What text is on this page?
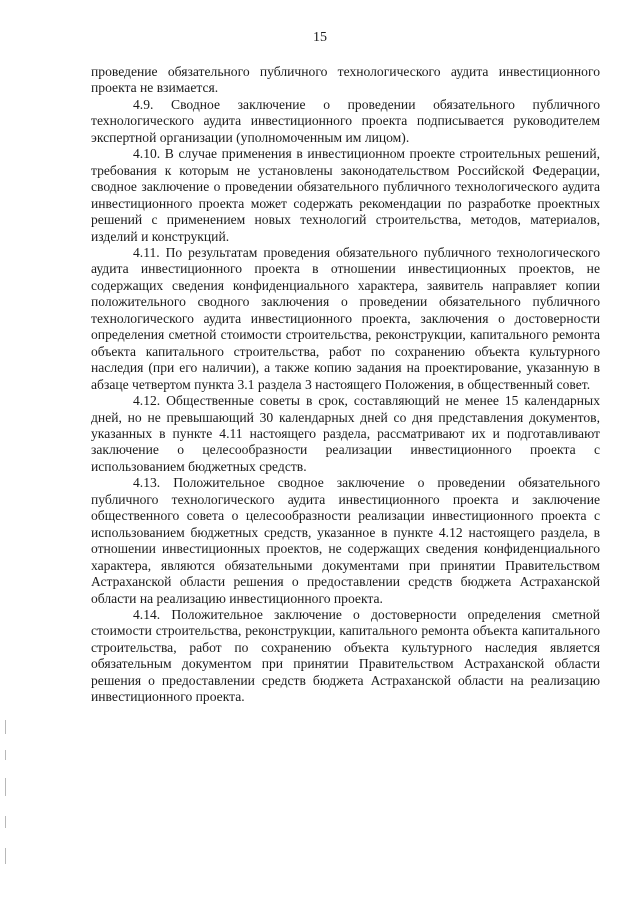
15

проведение обязательного публичного технологического аудита инвестиционного проекта не взимается.

4.9. Сводное заключение о проведении обязательного публичного технологического аудита инвестиционного проекта подписывается руководителем экспертной организации (уполномоченным им лицом).

4.10. В случае применения в инвестиционном проекте строительных решений, требования к которым не установлены законодательством Российской Федерации, сводное заключение о проведении обязательного публичного технологического аудита инвестиционного проекта может содержать рекомендации по разработке проектных решений с применением новых технологий строительства, методов, материалов, изделий и конструкций.

4.11. По результатам проведения обязательного публичного технологического аудита инвестиционного проекта в отношении инвестиционных проектов, не содержащих сведения конфиденциального характера, заявитель направляет копии положительного сводного заключения о проведении обязательного публичного технологического аудита инвестиционного проекта, заключения о достоверности определения сметной стоимости строительства, реконструкции, капитального ремонта объекта капитального строительства, работ по сохранению объекта культурного наследия (при его наличии), а также копию задания на проектирование, указанную в абзаце четвертом пункта 3.1 раздела 3 настоящего Положения, в общественный совет.

4.12. Общественные советы в срок, составляющий не менее 15 календарных дней, но не превышающий 30 календарных дней со дня представления документов, указанных в пункте 4.11 настоящего раздела, рассматривают их и подготавливают заключение о целесообразности реализации инвестиционного проекта с использованием бюджетных средств.

4.13. Положительное сводное заключение о проведении обязательного публичного технологического аудита инвестиционного проекта и заключение общественного совета о целесообразности реализации инвестиционного проекта с использованием бюджетных средств, указанное в пункте 4.12 настоящего раздела, в отношении инвестиционных проектов, не содержащих сведения конфиденциального характера, являются обязательными документами при принятии Правительством Астраханской области решения о предоставлении средств бюджета Астраханской области на реализацию инвестиционного проекта.

4.14. Положительное заключение о достоверности определения сметной стоимости строительства, реконструкции, капитального ремонта объекта капитального строительства, работ по сохранению объекта культурного наследия является обязательным документом при принятии Правительством Астраханской области решения о предоставлении средств бюджета Астраханской области на реализацию инвестиционного проекта.
